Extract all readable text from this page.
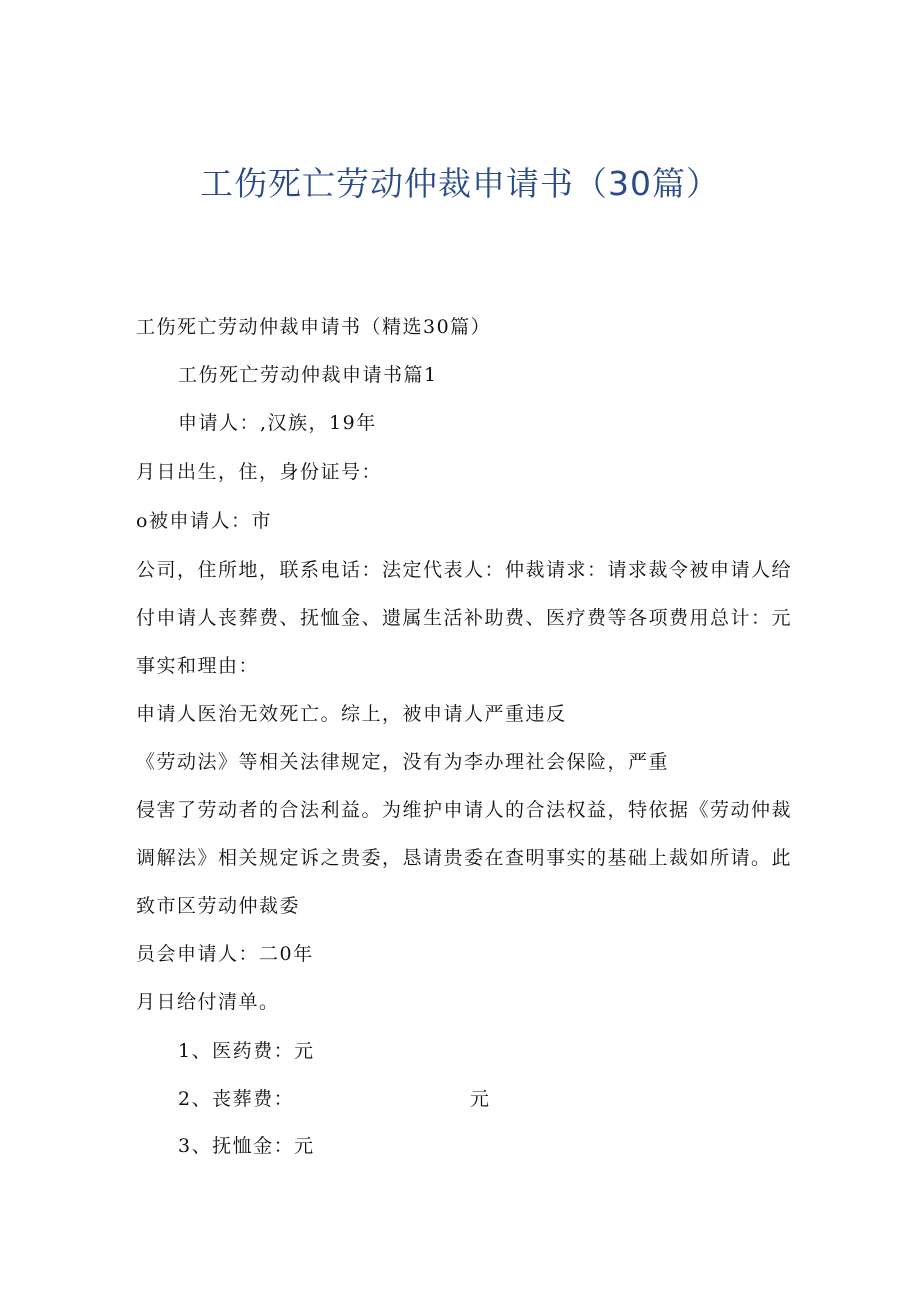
工伤死亡劳动仲裁申请书（30篇）
工伤死亡劳动仲裁申请书（精选30篇）
工伤死亡劳动仲裁申请书篇1
申请人：,汉族，19年
月日出生，住，身份证号：
o被申请人：市
公司，住所地，联系电话：法定代表人：仲裁请求：请求裁令被申请人给
付申请人丧葬费、抚恤金、遗属生活补助费、医疗费等各项费用总计：元
事实和理由：
申请人医治无效死亡。综上，被申请人严重违反
《劳动法》等相关法律规定，没有为李办理社会保险，严重
侵害了劳动者的合法利益。为维护申请人的合法权益，特依据《劳动仲裁
调解法》相关规定诉之贵委，恳请贵委在查明事实的基础上裁如所请。此
致市区劳动仲裁委
员会申请人：二0年
月日给付清单。
1、医药费：元
2、丧葬费：	元
3、抚恤金：元
